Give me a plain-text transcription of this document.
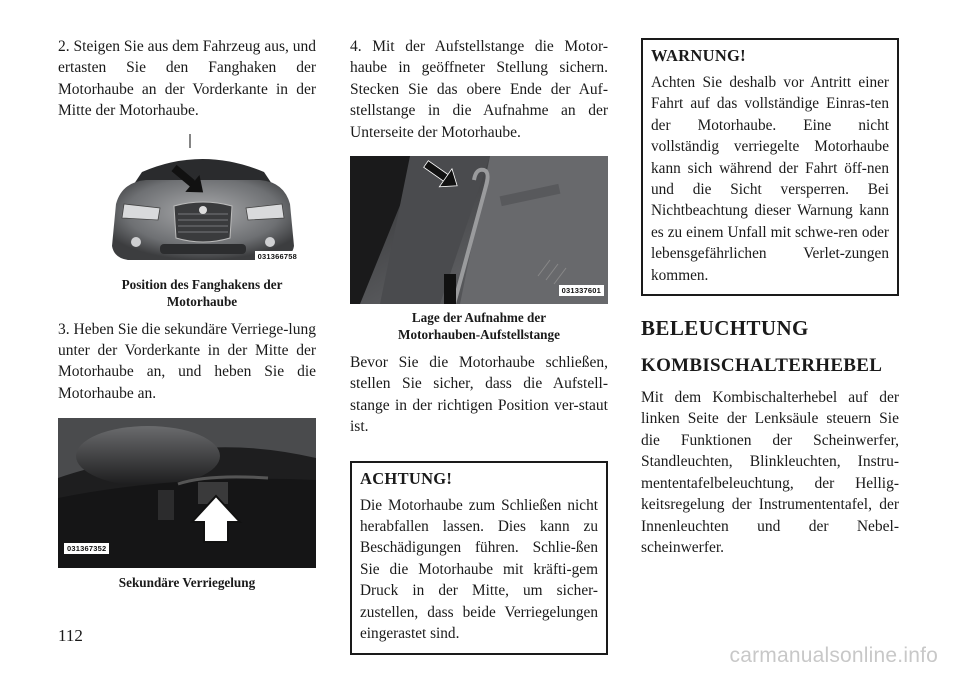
2. Steigen Sie aus dem Fahrzeug aus, und ertasten Sie den Fanghaken der Motorhaube an der Vorderkante in der Mitte der Motorhaube.

031366758
Position des Fanghakens der Motorhaube

3. Heben Sie die sekundäre Verriege-lung unter der Vorderkante in der Mitte der Motorhaube an, und heben Sie die Motorhaube an.

031367352
Sekundäre Verriegelung

4. Mit der Aufstellstange die Motor-haube in geöffneter Stellung sichern. Stecken Sie das obere Ende der Auf-stellstange in die Aufnahme an der Unterseite der Motorhaube.

031337601
Lage der Aufnahme der Motorhauben-Aufstellstange

Bevor Sie die Motorhaube schließen, stellen Sie sicher, dass die Aufstell-stange in der richtigen Position ver-staut ist.

ACHTUNG!

Die Motorhaube zum Schließen nicht herabfallen lassen. Dies kann zu Beschädigungen führen. Schlie-ßen Sie die Motorhaube mit kräfti-gem Druck in der Mitte, um sicher-zustellen, dass beide Verriegelungen eingerastet sind.

WARNUNG!

Achten Sie deshalb vor Antritt einer Fahrt auf das vollständige Einras-ten der Motorhaube. Eine nicht vollständig verriegelte Motorhaube kann sich während der Fahrt öff-nen und die Sicht versperren. Bei Nichtbeachtung dieser Warnung kann es zu einem Unfall mit schwe-ren oder lebensgefährlichen Verlet-zungen kommen.

BELEUCHTUNG
KOMBISCHALTERHEBEL

Mit dem Kombischalterhebel auf der linken Seite der Lenksäule steuern Sie die Funktionen der Scheinwerfer, Standleuchten, Blinkleuchten, Instru-mententafelbeleuchtung, der Hellig-keitsregelung der Instrumententafel, der Innenleuchten und der Nebel-scheinwerfer.

112
carmanualsonline.info
